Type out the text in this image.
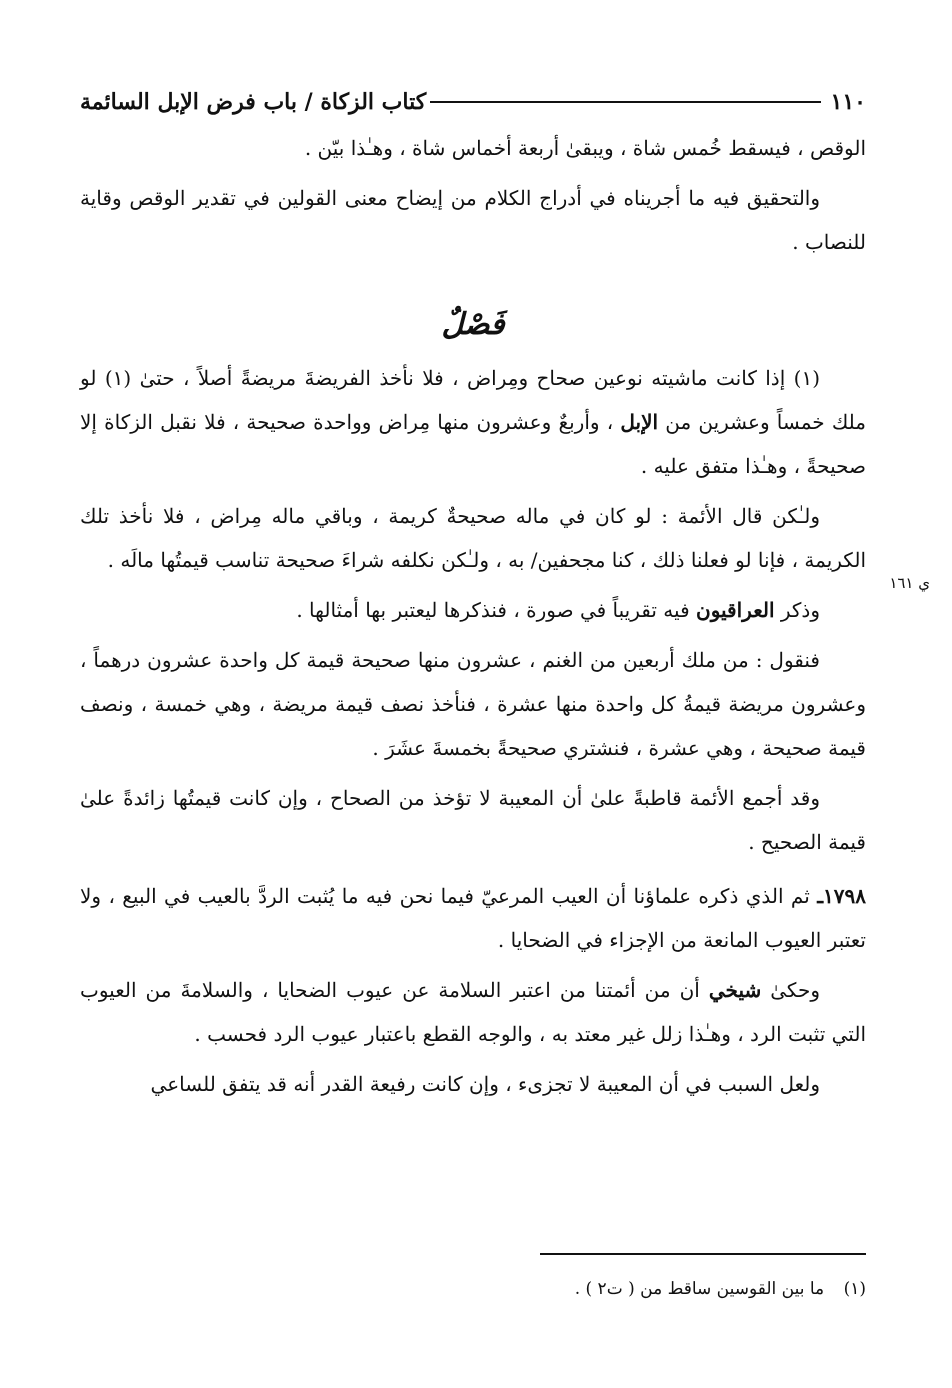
١١٠
كتاب الزكاة / باب فرض الإبل السائمة
ي ١٦١

الوقص ، فيسقط خُمس شاة ، ويبقىٰ أربعة أخماس شاة ، وهـٰذا بيّن .

والتحقيق فيه ما أجريناه في أدراج الكلام من إيضاح معنى القولين في تقدير الوقص وقاية للنصاب .

فَصْلٌ

(١) إذا كانت ماشيته نوعين صحاح ومِراض ، فلا نأخذ الفريضةَ مريضةً أصلاً ، حتىٰ (١) لو ملك خمساً وعشرين من الإبل ، وأربعٌ وعشرون منها مِراض وواحدة صحيحة ، فلا نقبل الزكاة إلا صحيحةً ، وهـٰذا متفق عليه .

ولـٰكن قال الأئمة : لو كان في ماله صحيحةٌ كريمة ، وباقي ماله مِراض ، فلا نأخذ تلك الكريمة ، فإنا لو فعلنا ذلك ، كنا مجحفين/ به ، ولـٰكن نكلفه شراءَ صحيحة تناسب قيمتُها مالَه .

وذكر العراقيون فيه تقريباً في صورة ، فنذكرها ليعتبر بها أمثالها .

فنقول : من ملك أربعين من الغنم ، عشرون منها صحيحة قيمة كل واحدة عشرون درهماً ، وعشرون مريضة قيمةُ كل واحدة منها عشرة ، فنأخذ نصف قيمة مريضة ، وهي خمسة ، ونصف قيمة صحيحة ، وهي عشرة ، فنشتري صحيحةً بخمسةَ عشَرَ .

وقد أجمع الأئمة قاطبةً علىٰ أن المعيبة لا تؤخذ من الصحاح ، وإن كانت قيمتُها زائدةً علىٰ قيمة الصحيح .

١٧٩٨ـ ثم الذي ذكره علماؤنا أن العيب المرعيّ فيما نحن فيه ما يُثبت الردَّ بالعيب في البيع ، ولا تعتبر العيوب المانعة من الإجزاء في الضحايا .

وحكىٰ شيخي أن من أئمتنا من اعتبر السلامة عن عيوب الضحايا ، والسلامةَ من العيوب التي تثبت الرد ، وهـٰذا زلل غير معتد به ، والوجه القطع باعتبار عيوب الرد فحسب .

ولعل السبب في أن المعيبة لا تجزىء ، وإن كانت رفيعة القدر أنه قد يتفق للساعي

(١) ما بين القوسين ساقط من ( ت٢ ) .
